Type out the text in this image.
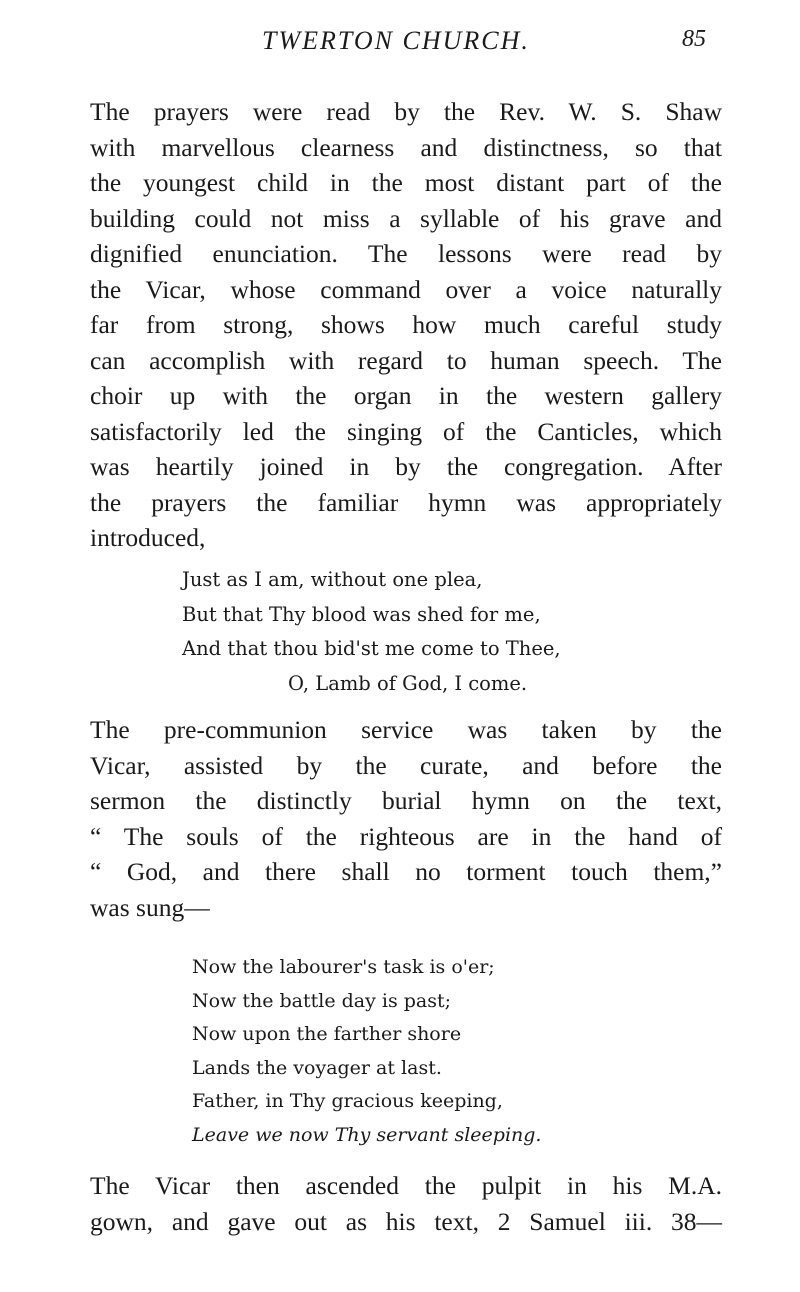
TWERTON CHURCH.	85

The prayers were read by the Rev. W. S. Shaw
with marvellous clearness and distinctness, so that
the youngest child in the most distant part of the
building could not miss a syllable of his grave and
dignified enunciation. The lessons were read by
the Vicar, whose command over a voice naturally
far from strong, shows how much careful study
can accomplish with regard to human speech. The
choir up with the organ in the western gallery
satisfactorily led the singing of the Canticles, which
was heartily joined in by the congregation. After
the prayers the familiar hymn was appropriately
introduced,

Just as I am, without one plea,
But that Thy blood was shed for me,
And that thou bid'st me come to Thee,
O, Lamb of God, I come.

The pre-communion service was taken by the
Vicar, assisted by the curate, and before the
sermon the distinctly burial hymn on the text,
“ The souls of the righteous are in the hand of
“ God, and there shall no torment touch them,”
was sung—

Now the labourer's task is o'er;
Now the battle day is past;
Now upon the farther shore
Lands the voyager at last.
Father, in Thy gracious keeping,
Leave we now Thy servant sleeping.

The Vicar then ascended the pulpit in his M.A.
gown, and gave out as his text, 2 Samuel iii. 38—
